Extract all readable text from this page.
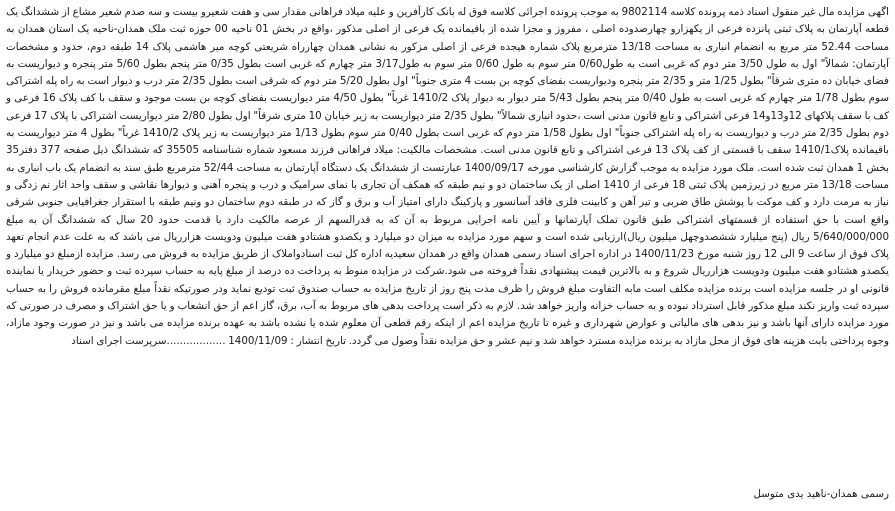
اگهی مزایده مال غیر منقول اسناد ذمه پرونده کلاسه 9802114 به موجب پرونده اجرائی کلاسه فوق له بانک کارآفرین و علیه میلاد فراهانی مقدار سی و هفت شعیرو بیست و سه صدم شعیر مشاع از ششدانگ یک قطعه آپارتمان به پلاک ثبتی پانزده فرعی از یکهزارو چهارصدوده اصلی ، مفروز و مجزا شده از باقیمانده یک فرعی از اصلی مذکور ،واقع در بخش 01 ناحیه 00 حوزه ثبت ملک همدان-ناحیه یک استان همدان به مساحت 52.44 متر مربع به انضمام انباری به مساحت 13/18 مترمربع پلاک شماره هیجده فرعی از اصلی مزکور به نشانی همدان چهارراه شریعتی کوچه میر هاشمی پلاک 14 طبقه دوم، حدود و مشخصات آپارتمان: شمالاً" اول به طول 3/50 متر دوم که غربی است به طول0/60 متر سوم به طول 0/60 متر سوم به طول3/17 متر چهارم که غربی است بطول 0/35 متر پنجم بطول 5/60 متر پنجره و دیواریست به فضای خیابان ده متری شرقاً" بطول 1/25 متر و 2/35 متر پنجره ودیواریست بفضای کوچه بن بست 4 متری جنوباً" اول بطول 5/20 متر دوم که شرقی است بطول 2/35 متر درب و دیوار است به راه پله اشتراکی سوم بطول 1/78 متر چهارم که غربی است به طول 0/40 متر پنجم بطول 5/43 متر دیوار به دیوار پلاک 1410/2 غرباً" بطول 4/50 متر دیواریست بفضای کوچه بن بست موجود و سقف با کف پلاک 16 فرعی و کف با سقف پلاکهای 12و13و14 فرعی اشتراکی و تابع قانون مدنی است ،حدود انباری شمالاً" بطول 2/35 متر دیواریست به زیر خیابان 10 متری شرقاً" اول بطول 2/80 متر دیواریست اشتراکی با پلاک 17 فرعی دوم بطول 2/35 متر درب و دیواریست به راه پله اشتراکی جنوباً" اول بطول 1/58 متر دوم که غربی است بطول 0/40 متر سوم بطول 1/13 متر دیواریست به زیر پلاک 1410/2 غرباً" بطول 4 متر دیواریست به باقیمانده پلاک1410/1 سقف با قسمتی از کف پلاک 13 فرعی اشتراکی و تابع قانون مدنی است. مشخصات مالکیت: میلاد فراهانی فرزند مسعود شماره شناسنامه 35505 که ششدانگ ذیل صفحه 377 دفتر35 بخش 1 همدان ثبت شده است. ملک مورد مزایده به موجب گزارش کارشناسی مورخه 1400/09/17 عبارتست از ششدانگ یک دستگاه آپارتمان به مساحت 52/44 مترمربع طبق سند به انضمام یک باب انباری به مساحت 13/18 متر مربع در زیرزمین پلاک ثبتی 18 فرعی از 1410 اصلی از یک ساختمان دو و نیم طبقه که همکف آن تجاری با نمای سرامیک و درب و پنجره آهنی و دیوارها نقاشی و سقف واحد اثار نم زدگی و نیاز به مرمت دارد و کف موکت با پوشش طاق ضربی و تیر آهن و کابینت فلزی فاقد آسانسور و پارکینگ دارای امتیاز آب و برق و گاز که در طبقه دوم ساختمان دو ونیم طبقه با استقرار جغرافیایی جنوبی شرقی واقع است با حق استفاده از قسمتهای اشتراکی طبق قانون تملک آپارتمانها و آیین نامه اجرایی مربوط به آن که به قدرالسهم از عرصه مالکیت دارد با قدمت حدود 20 سال که ششدانگ آن به مبلغ 5/640/000/000 ریال (پنج میلیارد ششصدوچهل میلیون ریال)ارزیابی شده است و سهم مورد مزایده به میزان دو میلیارد و یکصدو هشتادو هفت میلیون ودویست هزارریال می باشد که به علت عدم انجام تعهد پلاک فوق از ساعت 9 الی 12 روز شنبه مورخ 1400/11/23 در اداره اجرای اسناد رسمی همدان واقع در همدان سعیدیه اداره کل ثبت اسنادواملاک از طریق مزایده به فروش می رسد. مزایده ازمبلغ دو میلیارد و یکصدو هشتادو هفت میلیون ودویست هزارریال شروع و به بالاترین قیمت پیشنهادی نقداً فروخته می شود.شرکت در مزایده منوط به پرداخت ده درصد از مبلغ پایه به حساب سپرده ثبت و حضور خریدار یا نماینده قانونی او در جلسه مزایده است برنده مزایده مکلف است مابه التفاوت مبلغ فروش را ظرف مدت پنج روز از تاریخ مزایده به حساب صندوق ثبت تودیع نماید ودر صورتیکه نقداً مبلغ مقرمانده فروش را به حساب سپرده ثبت واریز نکند مبلغ مذکور قابل استرداد نبوده و به حساب خزانه واریز خواهد شد. لازم به ذکر است پرداخت بدهی های مربوط به آب، برق، گاز اعم از حق انشعاب و یا حق اشتراک و مصرف در صورتی که مورد مزایده دارای آنها باشد و نیز بدهی های مالیاتی و عوارض شهرداری و غیره تا تاریخ مزایده اعم از اینکه رقم قطعی آن معلوم شده یا نشده باشد به عهده برنده مزایده می باشد و نیز در صورت وجود مازاد، وجوه پرداختی بابت هزینه های فوق از محل مازاد به برنده مزایده مسترد خواهد شد و نیم عشر و حق مزایده نقداً وصول می گردد. تاریخ انتشار : 1400/11/09 ..................سرپرست اجرای اسناد

رسمی همدان-ناهید یدی متوسل
